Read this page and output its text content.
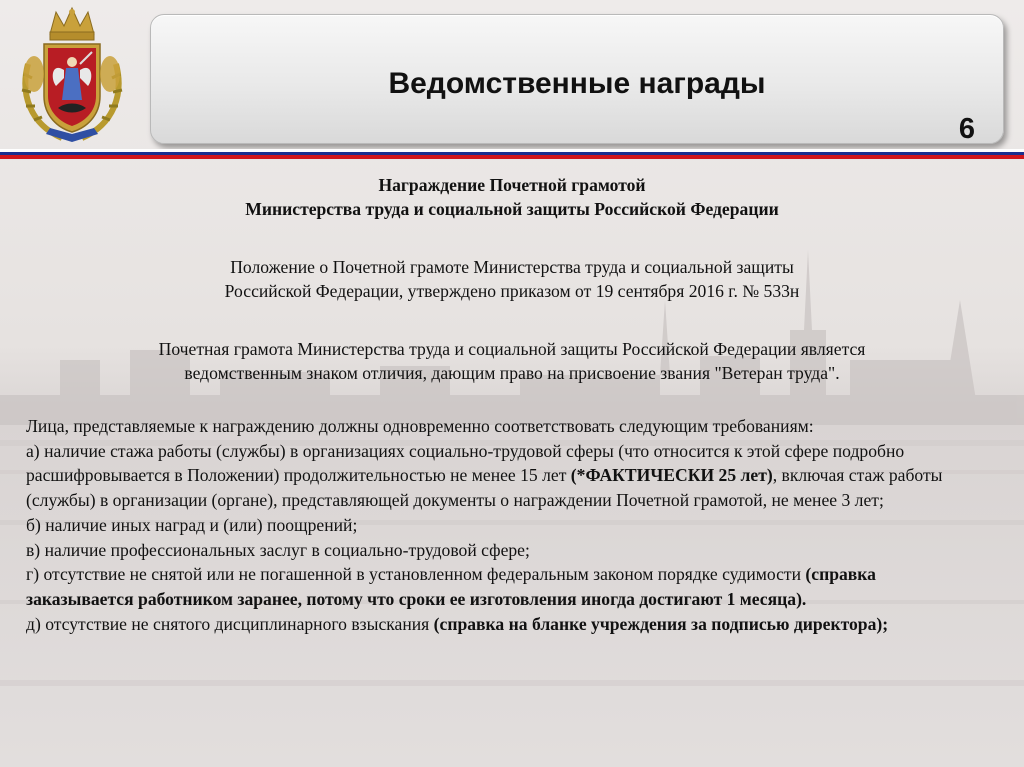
Ведомственные награды
6

Награждение Почетной грамотой

Министерства труда и социальной защиты Российской Федерации

Положение о Почетной грамоте Министерства труда и социальной защиты

Российской Федерации, утверждено приказом от 19 сентября 2016 г. № 533н

Почетная грамота Министерства труда и социальной защиты Российской Федерации является

ведомственным знаком отличия, дающим право на присвоение звания "Ветеран труда".

Лица, представляемые к награждению должны одновременно соответствовать следующим требованиям:

а) наличие стажа работы (службы) в организациях социально-трудовой сферы (что относится к этой сфере подробно расшифровывается в Положении) продолжительностью не менее 15 лет (*ФАКТИЧЕСКИ 25 лет), включая стаж работы (службы) в организации (органе), представляющей документы о награждении Почетной грамотой, не менее 3 лет;

б) наличие иных наград и (или) поощрений;

в) наличие профессиональных заслуг в социально-трудовой сфере;

г) отсутствие не снятой или не погашенной в установленном федеральным законом порядке судимости (справка заказывается работником заранее, потому что сроки ее изготовления иногда достигают 1 месяца).

д) отсутствие не снятого дисциплинарного взыскания (справка на бланке учреждения за подписью директора);
